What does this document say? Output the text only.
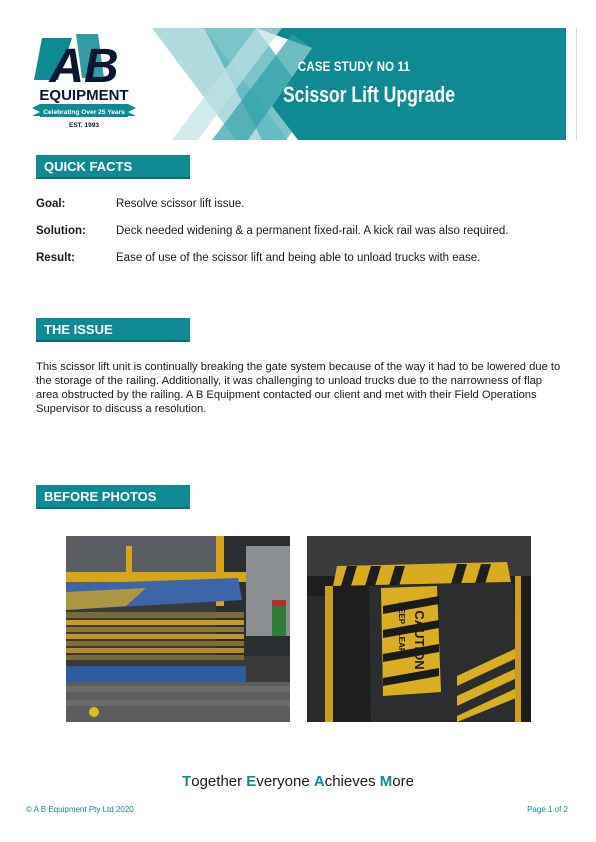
AB
EQUIPMENT
Celebrating Over 25 Years
EST. 1993
CASE STUDY NO 11
Scissor Lift Upgrade
QUICK FACTS
Goal:	Resolve scissor lift issue.
Solution:	Deck needed widening & a permanent fixed-rail. A kick rail was also required.
Result:	Ease of use of the scissor lift and being able to unload trucks with ease.
THE ISSUE
This scissor lift unit is continually breaking the gate system because of the way it had to be lowered due to the storage of the railing. Additionally, it was challenging to unload trucks due to the narrowness of flap area obstructed by the railing. A B Equipment contacted our client and met with their Field Operations Supervisor to discuss a resolution.
BEFORE PHOTOS
CAUTION
KEEP CLEAR
Together Everyone Achieves More
© A B Equipment Pty Ltd 2020	Page 1 of 2
